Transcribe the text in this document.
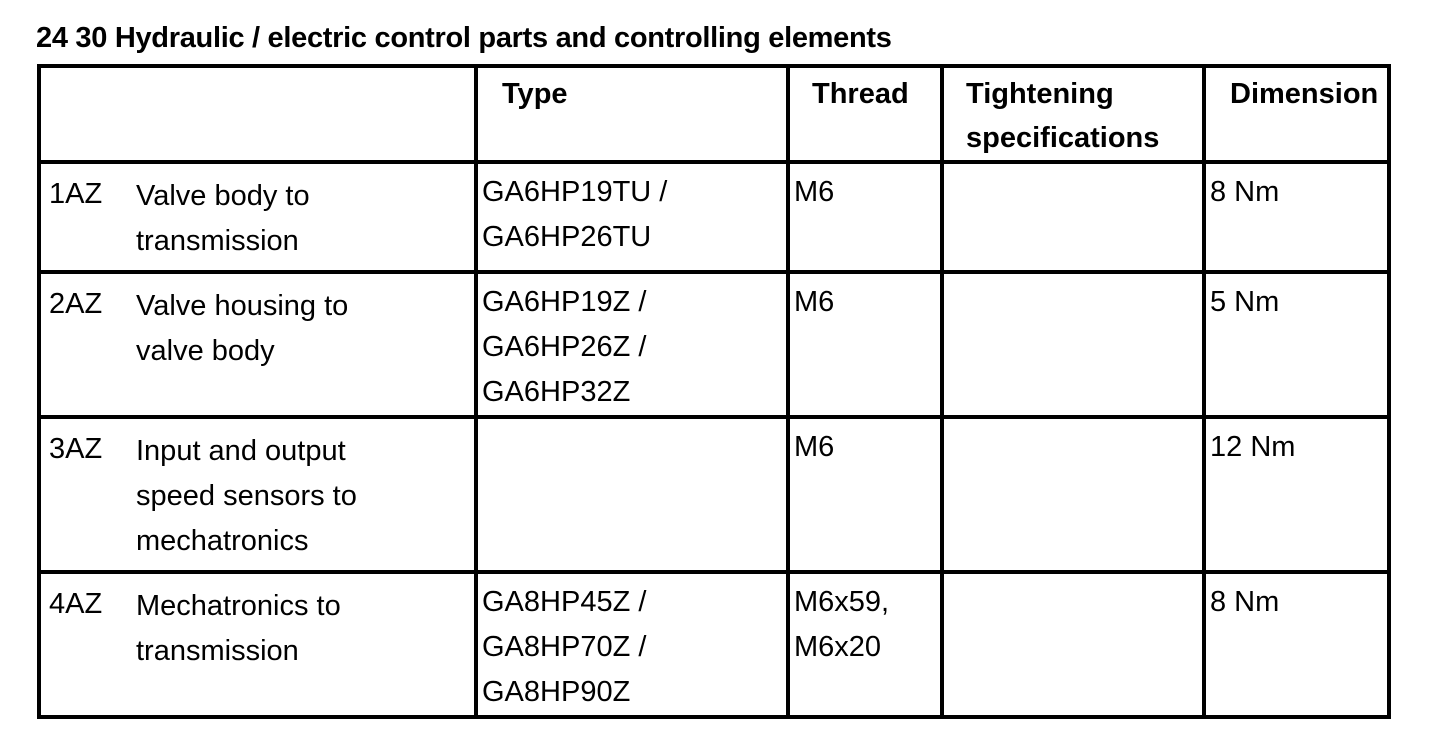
24 30 Hydraulic / electric control parts and controlling elements

	Type	Thread	Tightening
specifications	Dimension

1AZ Valve body to
transmission	GA6HP19TU /
GA6HP26TU	M6		8 Nm

2AZ Valve housing to
valve body	GA6HP19Z /
GA6HP26Z /
GA6HP32Z	M6		5 Nm

3AZ Input and output
speed sensors to
mechatronics		M6		12 Nm

4AZ Mechatronics to
transmission	GA8HP45Z /
GA8HP70Z /
GA8HP90Z	M6x59,
M6x20		8 Nm
